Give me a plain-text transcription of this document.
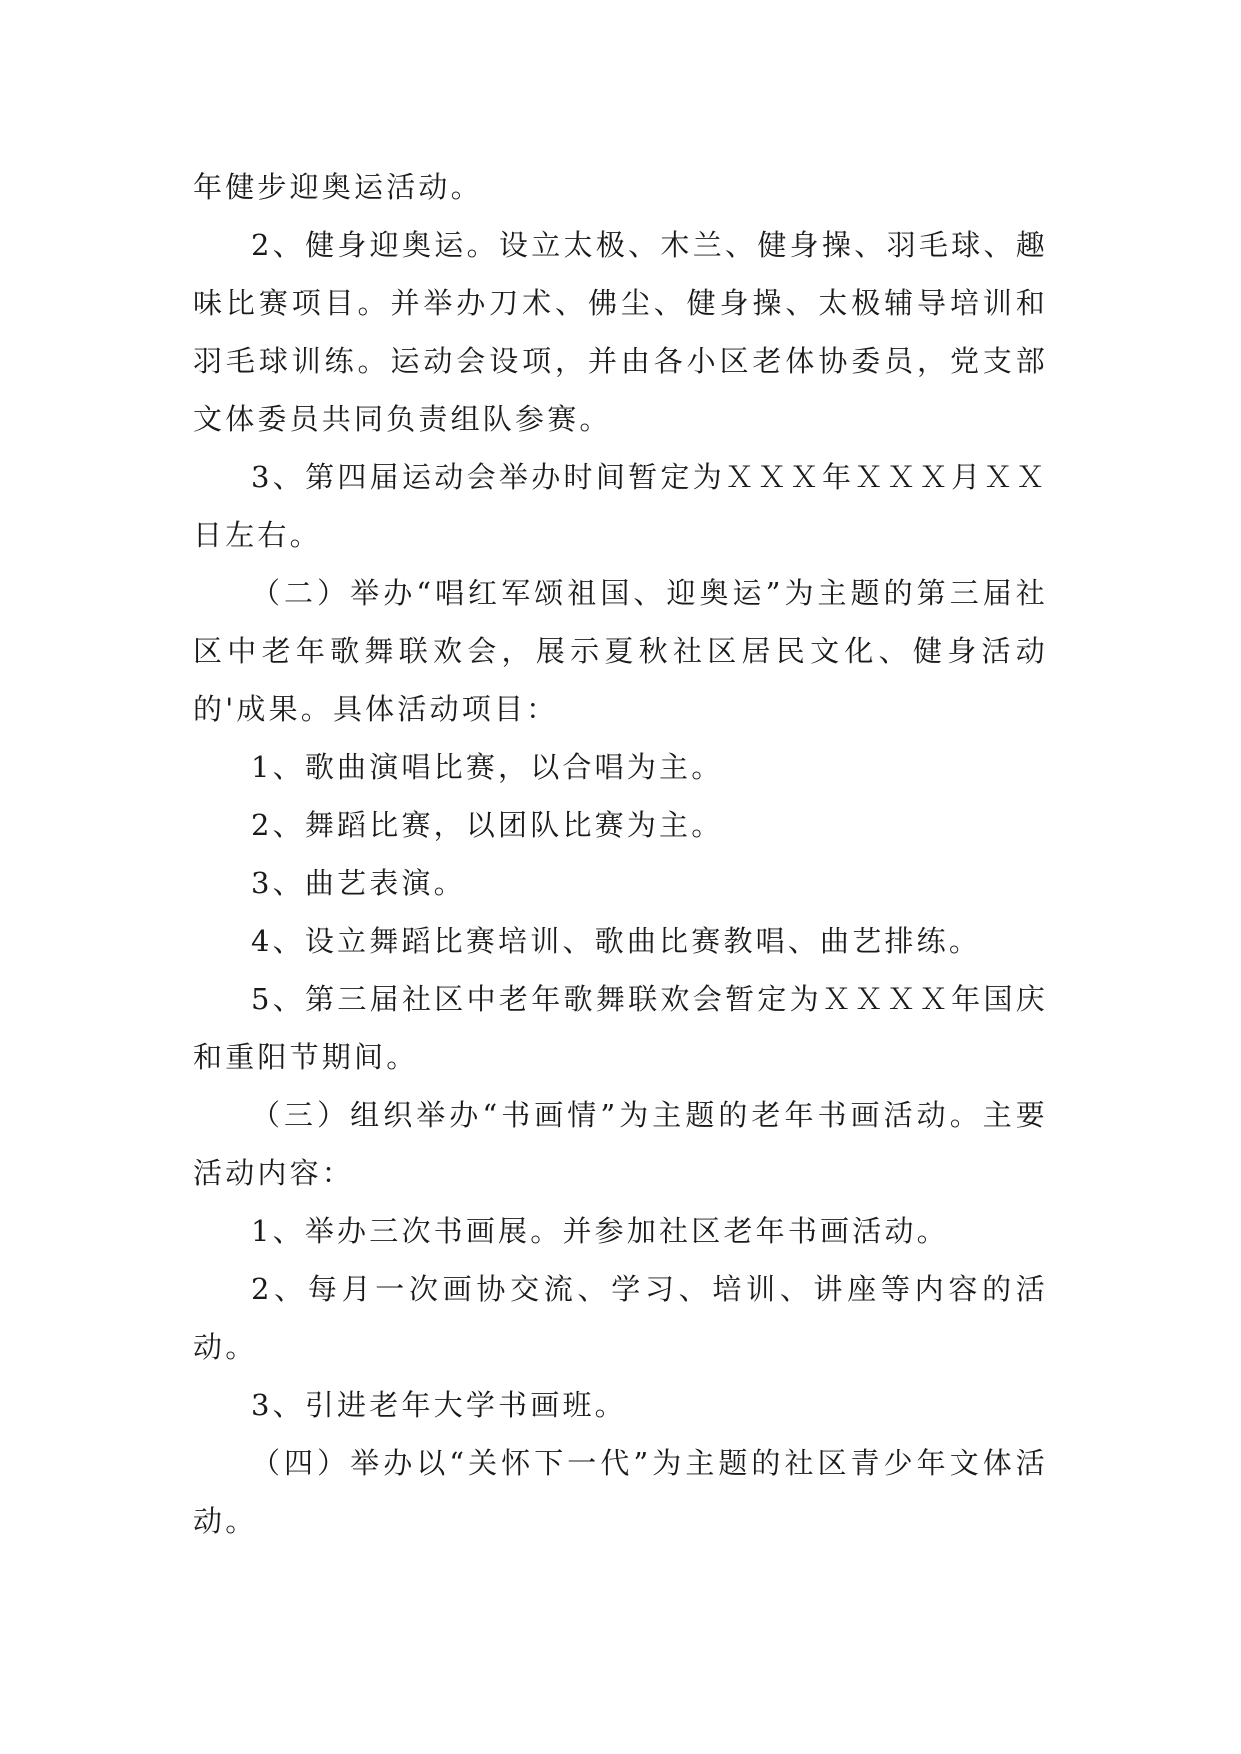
年健步迎奥运活动。

2、健身迎奥运。设立太极、木兰、健身操、羽毛球、趣味比赛项目。并举办刀术、佛尘、健身操、太极辅导培训和羽毛球训练。运动会设项，并由各小区老体协委员，党支部文体委员共同负责组队参赛。

3、第四届运动会举办时间暂定为ＸＸＸ年ＸＸＸ月ＸＸ日左右。

（二）举办“唱红军颂祖国、迎奥运”为主题的第三届社区中老年歌舞联欢会，展示夏秋社区居民文化、健身活动的'成果。具体活动项目：

1、歌曲演唱比赛，以合唱为主。

2、舞蹈比赛，以团队比赛为主。

3、曲艺表演。

4、设立舞蹈比赛培训、歌曲比赛教唱、曲艺排练。

5、第三届社区中老年歌舞联欢会暂定为ＸＸＸＸ年国庆和重阳节期间。

（三）组织举办“书画情”为主题的老年书画活动。主要活动内容：

1、举办三次书画展。并参加社区老年书画活动。

2、每月一次画协交流、学习、培训、讲座等内容的活动。

3、引进老年大学书画班。

（四）举办以“关怀下一代”为主题的社区青少年文体活动。
